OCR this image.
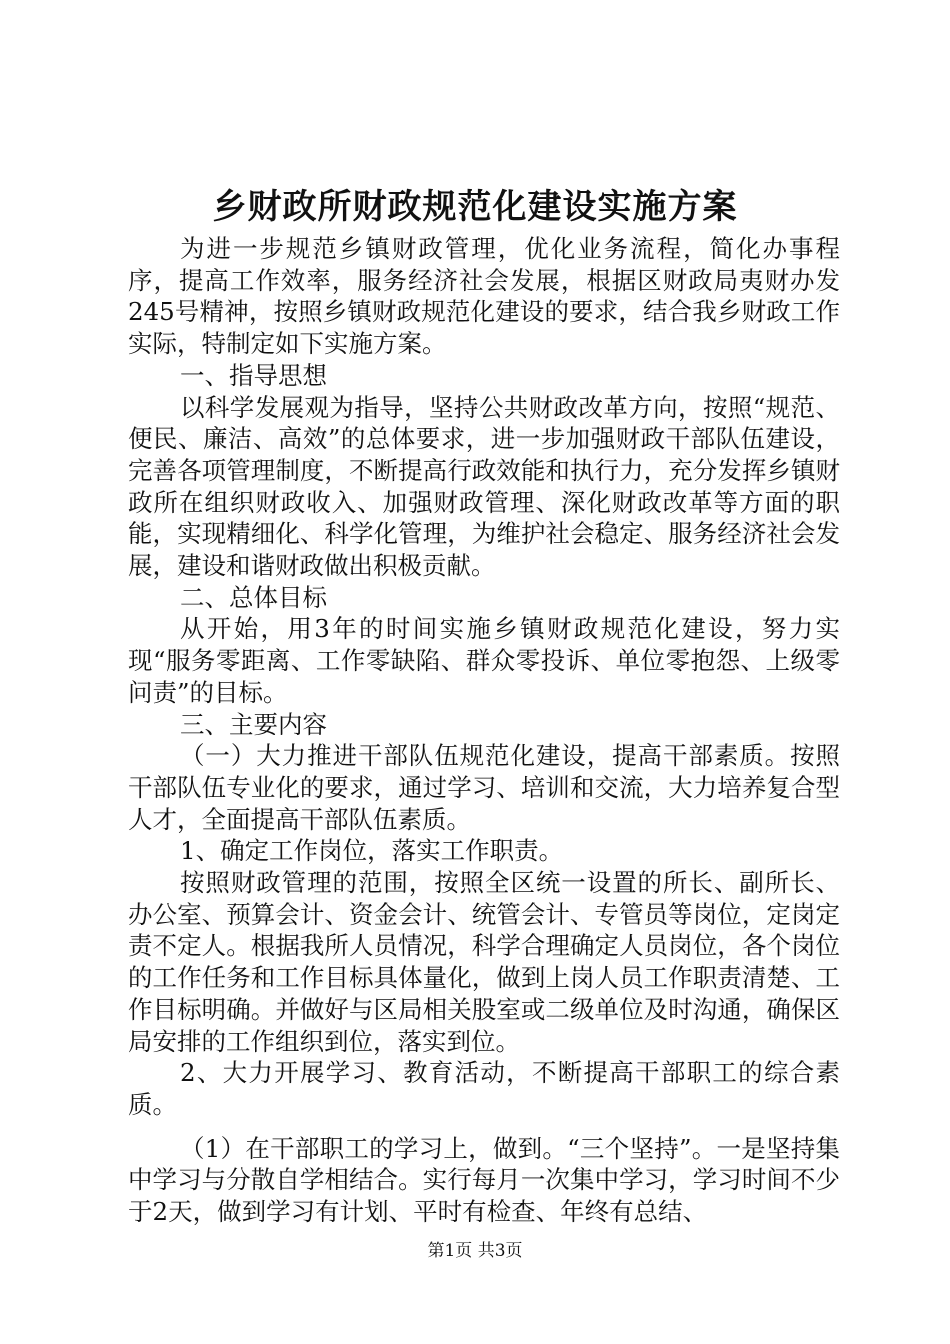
乡财政所财政规范化建设实施方案

为进一步规范乡镇财政管理，优化业务流程，简化办事程序，提高工作效率，服务经济社会发展，根据区财政局夷财办发245号精神，按照乡镇财政规范化建设的要求，结合我乡财政工作实际，特制定如下实施方案。

一、指导思想

以科学发展观为指导，坚持公共财政改革方向，按照“规范、便民、廉洁、高效”的总体要求，进一步加强财政干部队伍建设，完善各项管理制度，不断提高行政效能和执行力，充分发挥乡镇财政所在组织财政收入、加强财政管理、深化财政改革等方面的职能，实现精细化、科学化管理，为维护社会稳定、服务经济社会发展，建设和谐财政做出积极贡献。

二、总体目标

从开始，用3年的时间实施乡镇财政规范化建设，努力实现“服务零距离、工作零缺陷、群众零投诉、单位零抱怨、上级零问责”的目标。

三、主要内容

（一）大力推进干部队伍规范化建设，提高干部素质。按照干部队伍专业化的要求，通过学习、培训和交流，大力培养复合型人才，全面提高干部队伍素质。

1、确定工作岗位，落实工作职责。

按照财政管理的范围，按照全区统一设置的所长、副所长、办公室、预算会计、资金会计、统管会计、专管员等岗位，定岗定责不定人。根据我所人员情况，科学合理确定人员岗位，各个岗位的工作任务和工作目标具体量化，做到上岗人员工作职责清楚、工作目标明确。并做好与区局相关股室或二级单位及时沟通，确保区局安排的工作组织到位，落实到位。

2、大力开展学习、教育活动，不断提高干部职工的综合素质。

（1）在干部职工的学习上，做到。“三个坚持”。一是坚持集中学习与分散自学相结合。实行每月一次集中学习，学习时间不少于2天，做到学习有计划、平时有检查、年终有总结、

第1页 共3页
